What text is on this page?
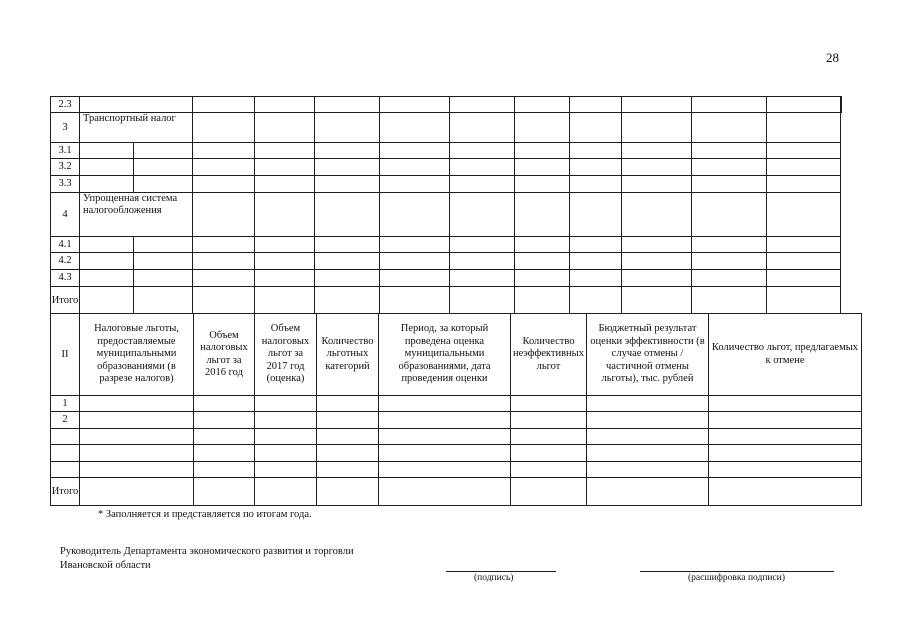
28
2.3													
3	Транспортный налог												
3.1													
3.2													
3.3													
4	Упрощенная система налогообложения												
4.1													
4.2													
4.3													
Итого													
II	Налоговые льготы, предоставляемые муниципальными образованиями (в разрезе налогов)	Объем налоговых льгот за 2016 год	Объем налоговых льгот за 2017 год (оценка)	Количество льготных категорий	Период, за который проведена оценка муниципальными образованиями, дата проведения оценки	Количество неэффективных льгот	Бюджетный результат оценки эффективности (в случае отмены /частичной отмены льготы), тыс. рублей	Количество льгот, предлагаемых к отмене
1								
2								

Итого								
* Заполняется и представляется по итогам года.
Руководитель Департамента экономического развития и торговли
Ивановской области
(подпись)	(расшифровка подписи)
